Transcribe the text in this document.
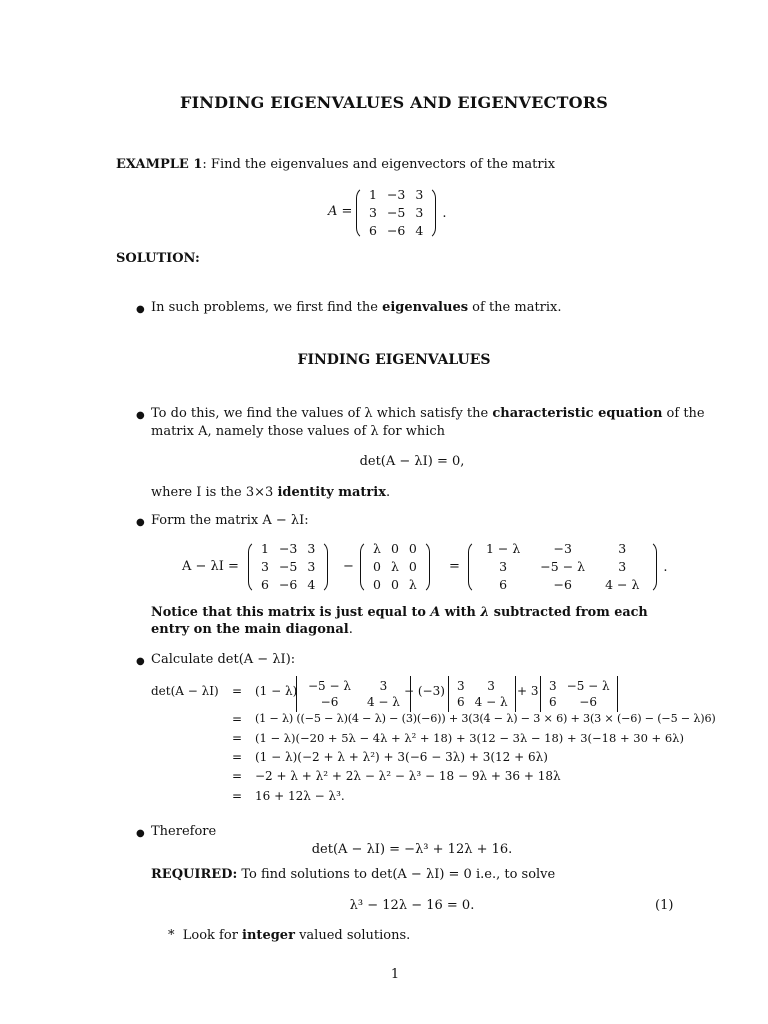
FINDING EIGENVALUES AND EIGENVECTORS
EXAMPLE 1: Find the eigenvalues and eigenvectors of the matrix
A =
1	−3	3
3	−5	3
6	−6	4
.
SOLUTION:
● In such problems, we first find the eigenvalues of the matrix.
FINDING EIGENVALUES
● To do this, we find the values of λ which satisfy the characteristic equation of the
matrix A, namely those values of λ for which
det(A − λI) = 0,
where I is the 3×3 identity matrix.
● Form the matrix A − λI:
A − λI =
1	−3	3
3	−5	3
6	−6	4
−
λ	0	0
0	λ	0
0	0	λ
=
1 − λ	−3	3
3	−5 − λ	3
6	−6	4 − λ
.
Notice that this matrix is just equal to A with λ subtracted from each
entry on the main diagonal.
● Calculate det(A − λI):
det(A − λI) = (1 − λ) −5 − λ	3
−6	4 − λ
− (−3) 3	3
6	4 − λ
+ 3 3	−5 − λ
6	−6
= (1 − λ) ((−5 − λ)(4 − λ) − (3)(−6)) + 3(3(4 − λ) − 3 × 6) + 3(3 × (−6) − (−5 − λ)6)
= (1 − λ)(−20 + 5λ − 4λ + λ² + 18) + 3(12 − 3λ − 18) + 3(−18 + 30 + 6λ)
= (1 − λ)(−2 + λ + λ²) + 3(−6 − 3λ) + 3(12 + 6λ)
= −2 + λ + λ² + 2λ − λ² − λ³ − 18 − 9λ + 36 + 18λ
= 16 + 12λ − λ³.
● Therefore
det(A − λI) = −λ³ + 12λ + 16.
REQUIRED: To find solutions to det(A − λI) = 0 i.e., to solve
λ³ − 12λ − 16 = 0.	(1)
* Look for integer valued solutions.
1
